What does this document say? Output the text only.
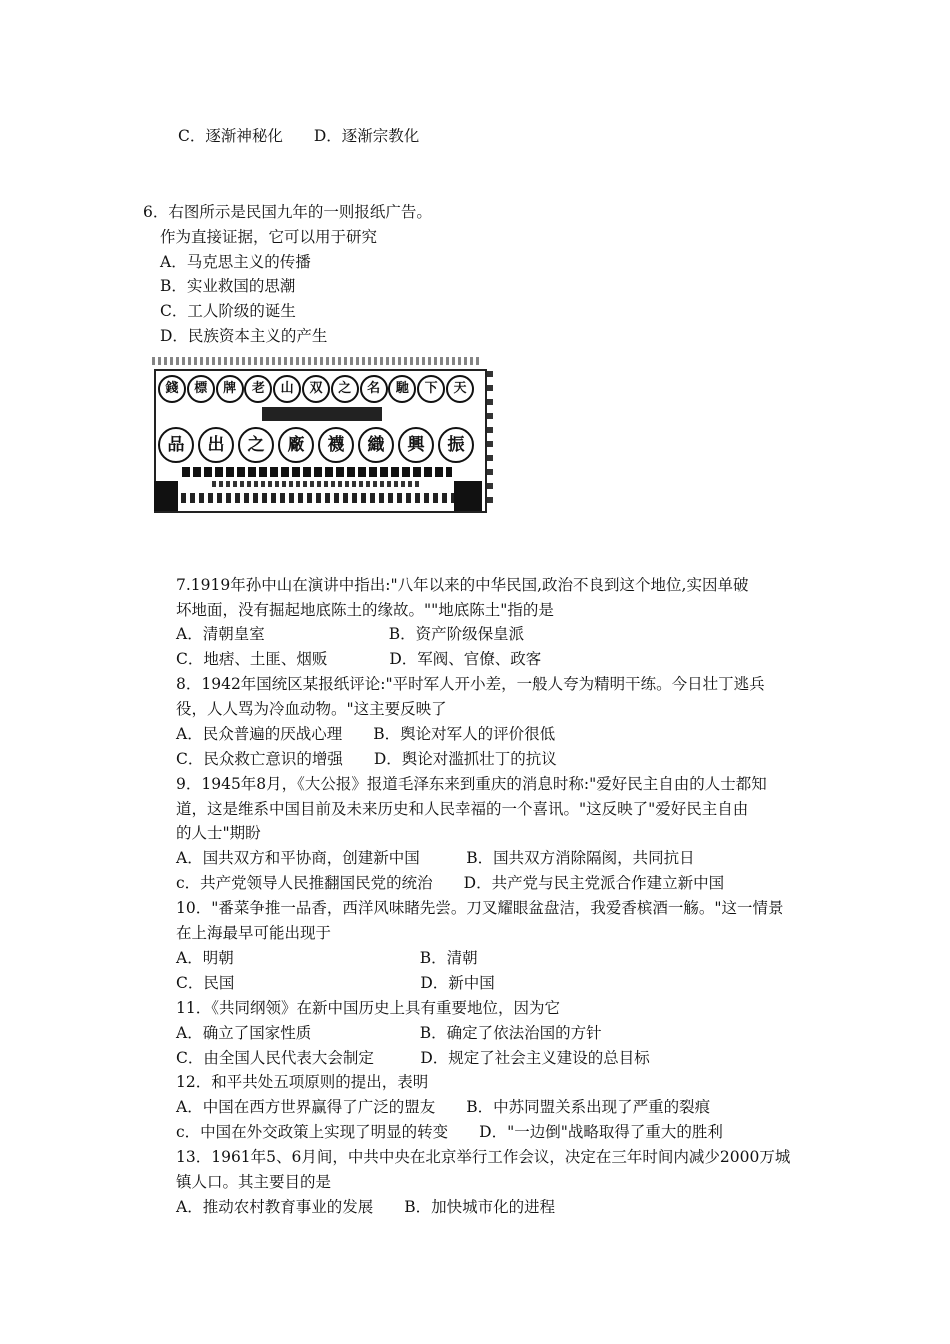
C．逐渐神秘化　　D．逐渐宗教化
6．右图所示是民国九年的一则报纸广告。
作为直接证据，它可以用于研究
A．马克思主义的传播
B．实业救国的思潮
C．工人阶级的诞生
D．民族资本主义的产生
7.1919年孙中山在演讲中指出:"八年以来的中华民国,政治不良到这个地位,实因单破
坏地面，没有掘起地底陈土的缘故。""地底陈土"指的是
A．清朝皇室　　　　　　　　B．资产阶级保皇派
C．地痞、土匪、烟贩　　　　D．军阀、官僚、政客
8．1942年国统区某报纸评论:"平时军人开小差，一般人夸为精明干练。今日壮丁逃兵
役，人人骂为冷血动物。"这主要反映了
A．民众普遍的厌战心理　　B．舆论对军人的评价很低
C．民众救亡意识的增强　　D．舆论对滥抓壮丁的抗议
9．1945年8月，《大公报》报道毛泽东来到重庆的消息时称:"爱好民主自由的人士都知
道，这是维系中国目前及未来历史和人民幸福的一个喜讯。"这反映了"爱好民主自由
的人士"期盼
A．国共双方和平协商，创建新中国　　　B．国共双方消除隔阂，共同抗日
c．共产党领导人民推翻国民党的统治　　D．共产党与民主党派合作建立新中国
10．"番菜争推一品香，西洋风味睹先尝。刀叉耀眼盆盘洁，我爱香槟酒一觞。"这一情景
在上海最早可能出现于
A．明朝　　　　　　　　　　　　B．清朝
C．民国　　　　　　　　　　　　D．新中国
11．《共同纲领》在新中国历史上具有重要地位，因为它
A．确立了国家性质　　　　　　　B．确定了依法治国的方针
C．由全国人民代表大会制定　　　D．规定了社会主义建设的总目标
12．和平共处五项原则的提出，表明
A．中国在西方世界赢得了广泛的盟友　　B．中苏同盟关系出现了严重的裂痕
c．中国在外交政策上实现了明显的转变　　D．"一边倒"战略取得了重大的胜利
13．1961年5、6月间，中共中央在北京举行工作会议，决定在三年时间内减少2000万城
镇人口。其主要目的是
A．推动农村教育事业的发展　　B．加快城市化的进程
錢	標	牌	老	山	双	之	名	馳	下	天
品	出	之	廠	襪	織	興	振
